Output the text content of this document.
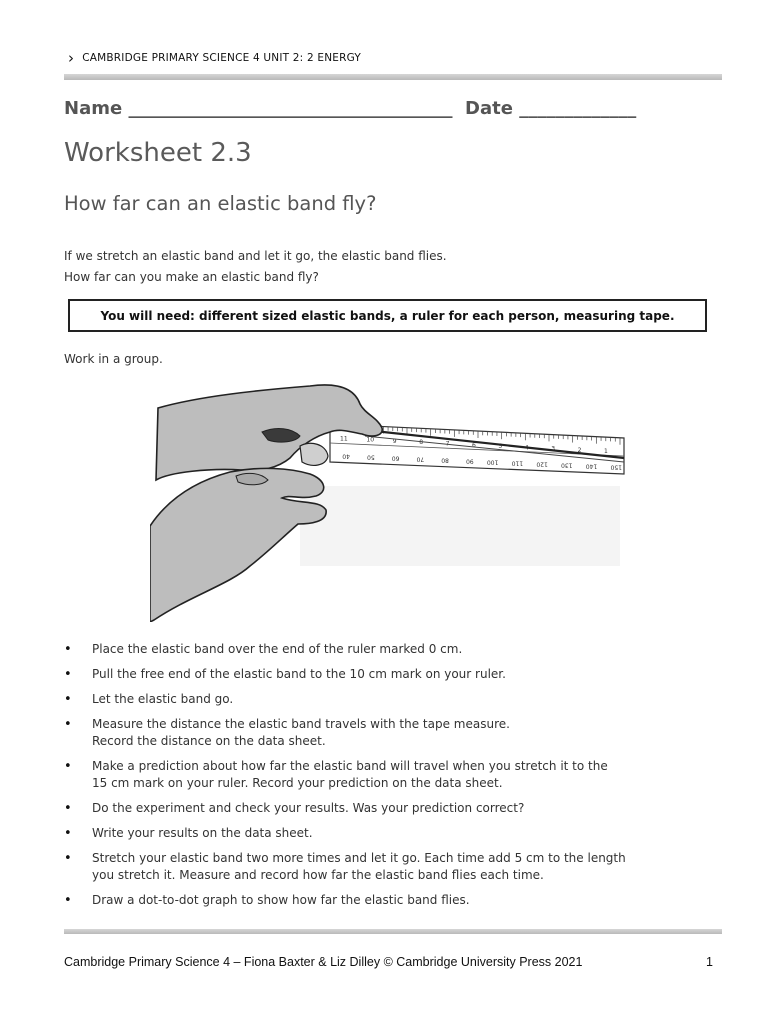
› CAMBRIDGE PRIMARY SCIENCE 4 UNIT 2: 2 ENERGY
Name ____________________________________ Date _____________
Worksheet 2.3
How far can an elastic band fly?
If we stretch an elastic band and let it go, the elastic band flies.
How far can you make an elastic band fly?
You will need: different sized elastic bands, a ruler for each person, measuring tape.
Work in a group.
11	10	9	8	7	6	5	4	3	2	1
40	50	60	70	80	90 100 110 120 130 140 150
• Place the elastic band over the end of the ruler marked 0 cm.
• Pull the free end of the elastic band to the 10 cm mark on your ruler.
• Let the elastic band go.
• Measure the distance the elastic band travels with the tape measure.
Record the distance on the data sheet.
• Make a prediction about how far the elastic band will travel when you stretch it to the
15 cm mark on your ruler. Record your prediction on the data sheet.
• Do the experiment and check your results. Was your prediction correct?
• Write your results on the data sheet.
• Stretch your elastic band two more times and let it go. Each time add 5 cm to the length
you stretch it. Measure and record how far the elastic band flies each time.
• Draw a dot-to-dot graph to show how far the elastic band flies.
Cambridge Primary Science 4 – Fiona Baxter & Liz Dilley © Cambridge University Press 2021	1
